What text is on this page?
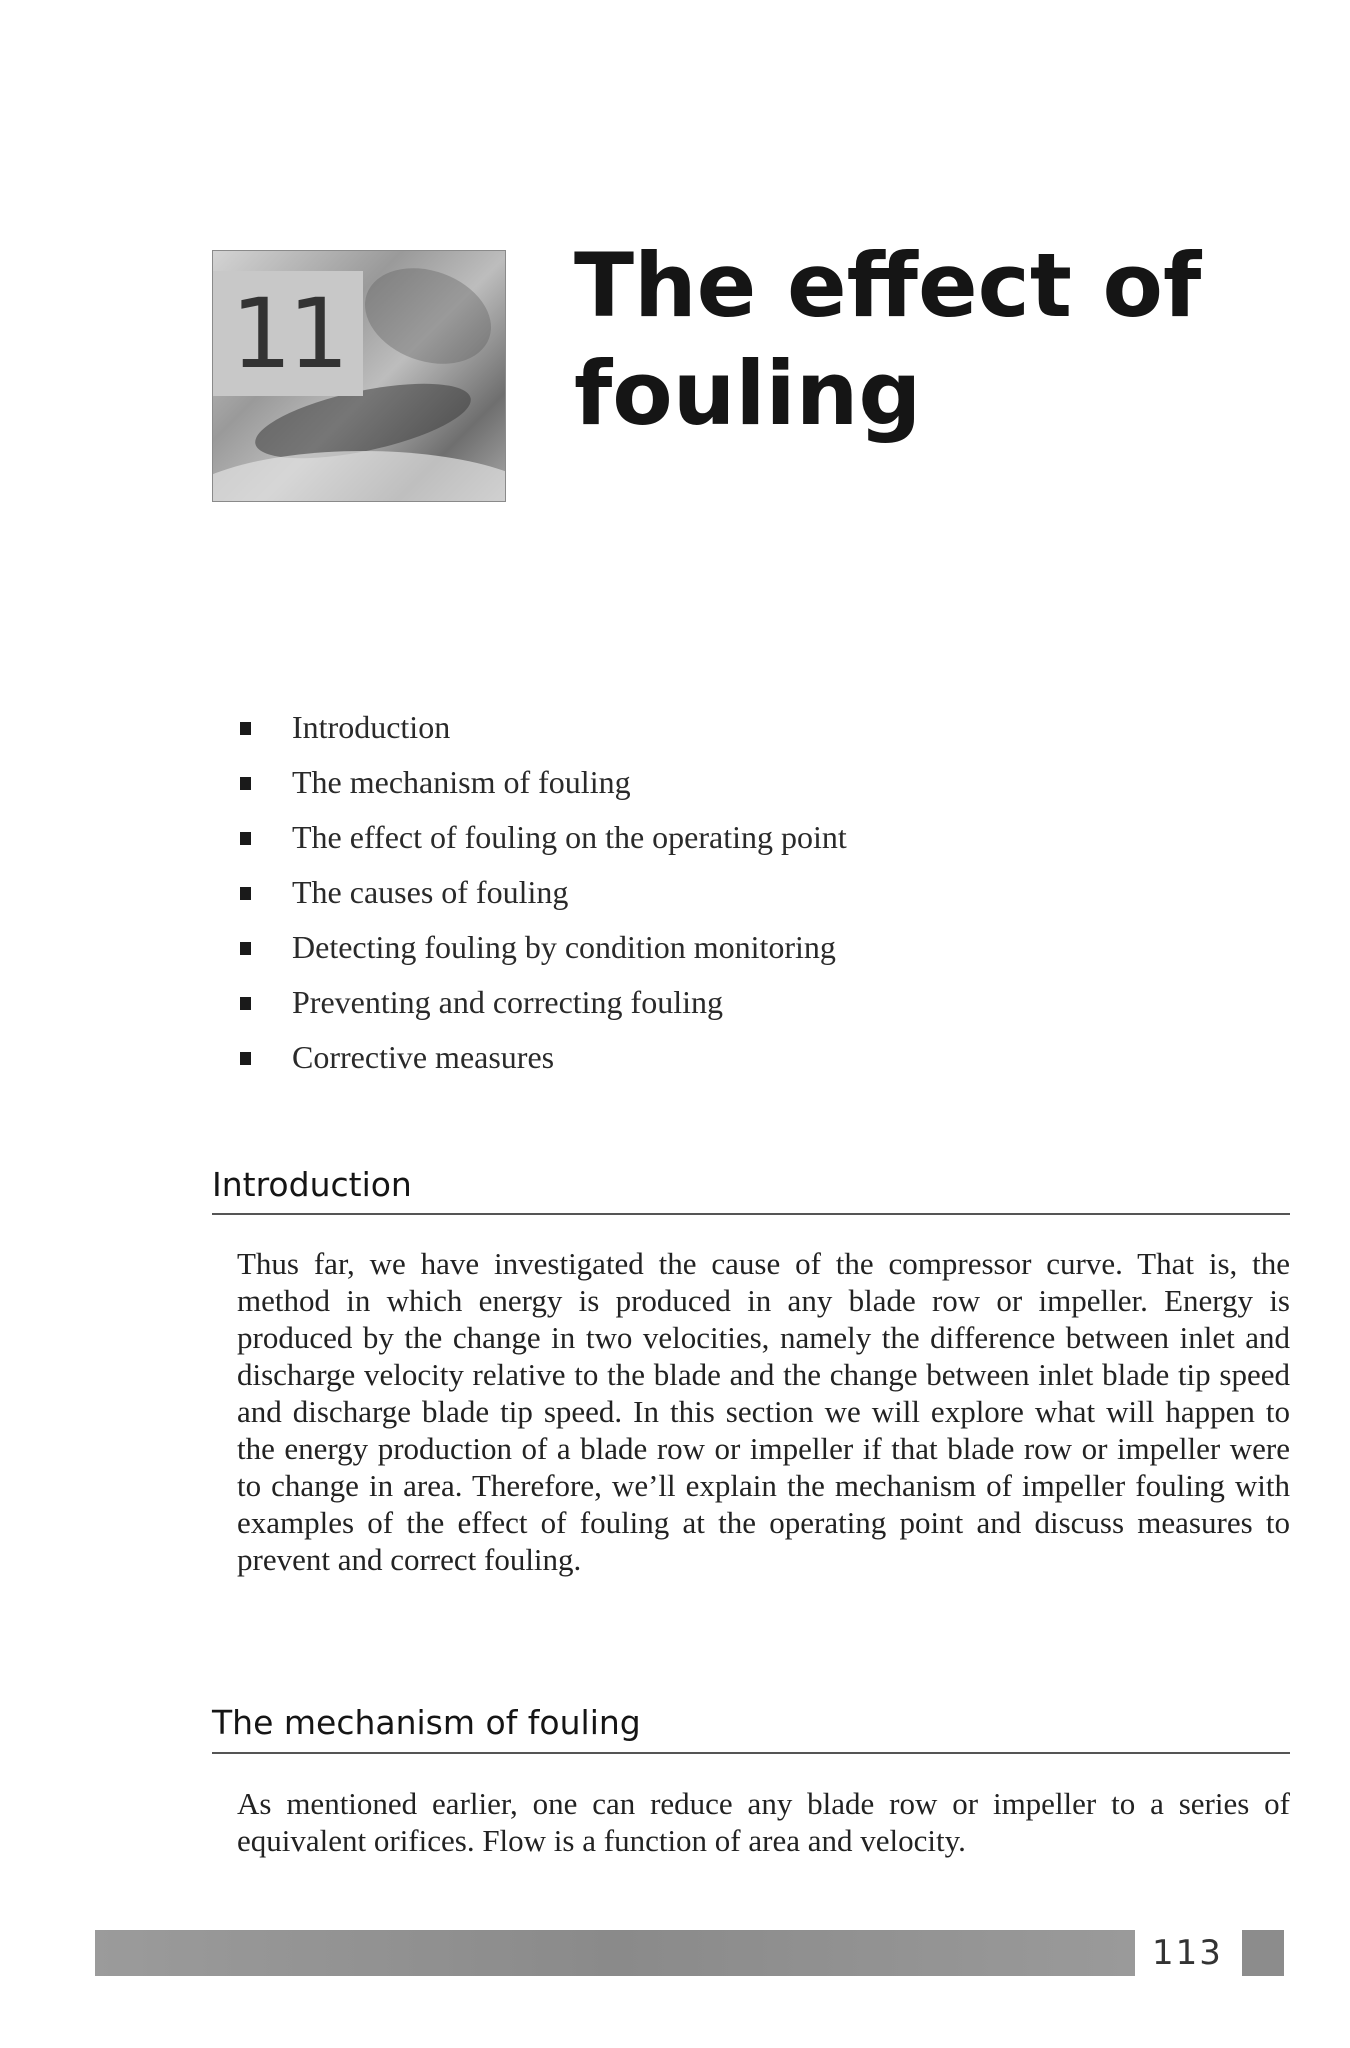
11	The effect of
fouling
Introduction
The mechanism of fouling
The effect of fouling on the operating point
The causes of fouling
Detecting fouling by condition monitoring
Preventing and correcting fouling
Corrective measures
Introduction

Thus far, we have investigated the cause of the compressor curve. That is, the method in which energy is produced in any blade row or impeller. Energy is produced by the change in two velocities, namely the difference between inlet and discharge velocity relative to the blade and the change between inlet blade tip speed and discharge blade tip speed. In this section we will explore what will happen to the energy production of a blade row or impeller if that blade row or impeller were to change in area. Therefore, we’ll explain the mechanism of impeller fouling with examples of the effect of fouling at the operating point and discuss measures to prevent and correct fouling.

The mechanism of fouling

As mentioned earlier, one can reduce any blade row or impeller to a series of equivalent orifices. Flow is a function of area and velocity.

113
